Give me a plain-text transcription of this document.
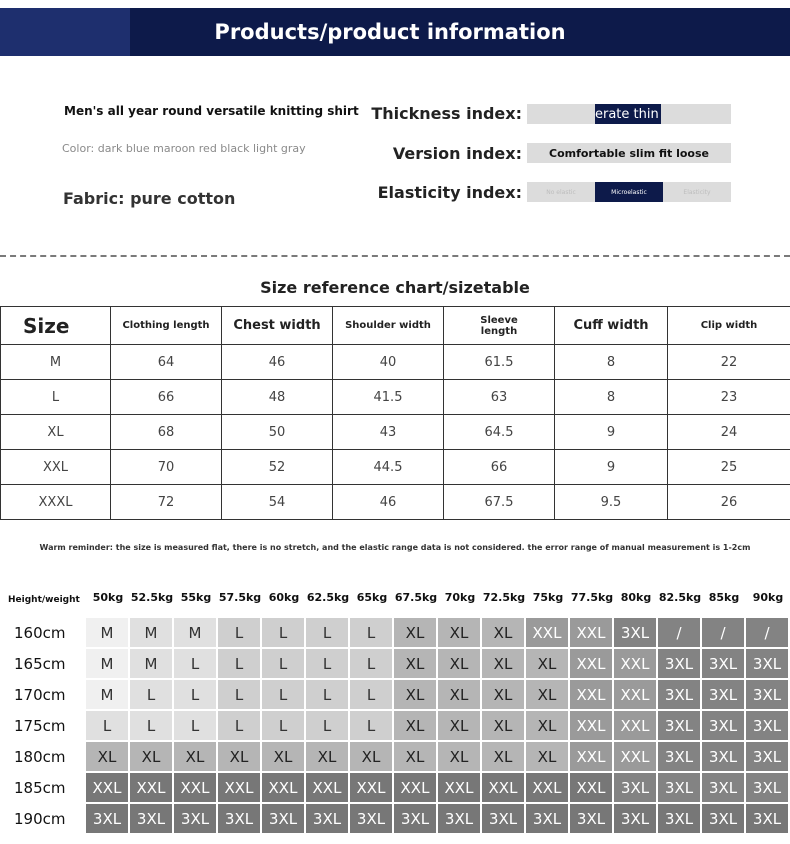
Products/product information
Men's all year round versatile knitting shirt
Color: dark blue maroon red black light gray
Fabric: pure cotton
Thickness index:	erate thin
Version index:	Comfortable slim fit loose
Elasticity index:	No elastic	Microelastic	Elasticity
Size reference chart/sizetable
Size	Clothing length	Chest width	Shoulder width	Sleeve length	Cuff width	Clip width
M	64	46	40	61.5	8	22
L	66	48	41.5	63	8	23
XL	68	50	43	64.5	9	24
XXL	70	52	44.5	66	9	25
XXXL	72	54	46	67.5	9.5	26
Warm reminder: the size is measured flat, there is no stretch, and the elastic range data is not considered. the error range of manual measurement is 1-2cm
Height/weight	50kg 52.5kg 55kg 57.5kg 60kg 62.5kg 65kg 67.5kg 70kg 72.5kg 75kg 77.5kg 80kg 82.5kg 85kg	90kg
160cm	M	M	M	L	L	L	L	XL	XL	XL	XXL	XXL	3XL	/	/	/
165cm	M	M	L	L	L	L	L	XL	XL	XL	XL	XXL	XXL	3XL	3XL	3XL
170cm	M	L	L	L	L	L	L	XL	XL	XL	XL	XXL	XXL	3XL	3XL	3XL
175cm	L	L	L	L	L	L	L	XL	XL	XL	XL	XXL	XXL	3XL	3XL	3XL
180cm	XL	XL	XL	XL	XL	XL	XL	XL	XL	XL	XL	XXL	XXL	3XL	3XL	3XL
185cm	XXL	XXL	XXL	XXL	XXL	XXL	XXL	XXL	XXL	XXL	XXL	XXL	3XL	3XL	3XL	3XL
190cm	3XL	3XL	3XL	3XL	3XL	3XL	3XL	3XL	3XL	3XL	3XL	3XL	3XL	3XL	3XL	3XL
